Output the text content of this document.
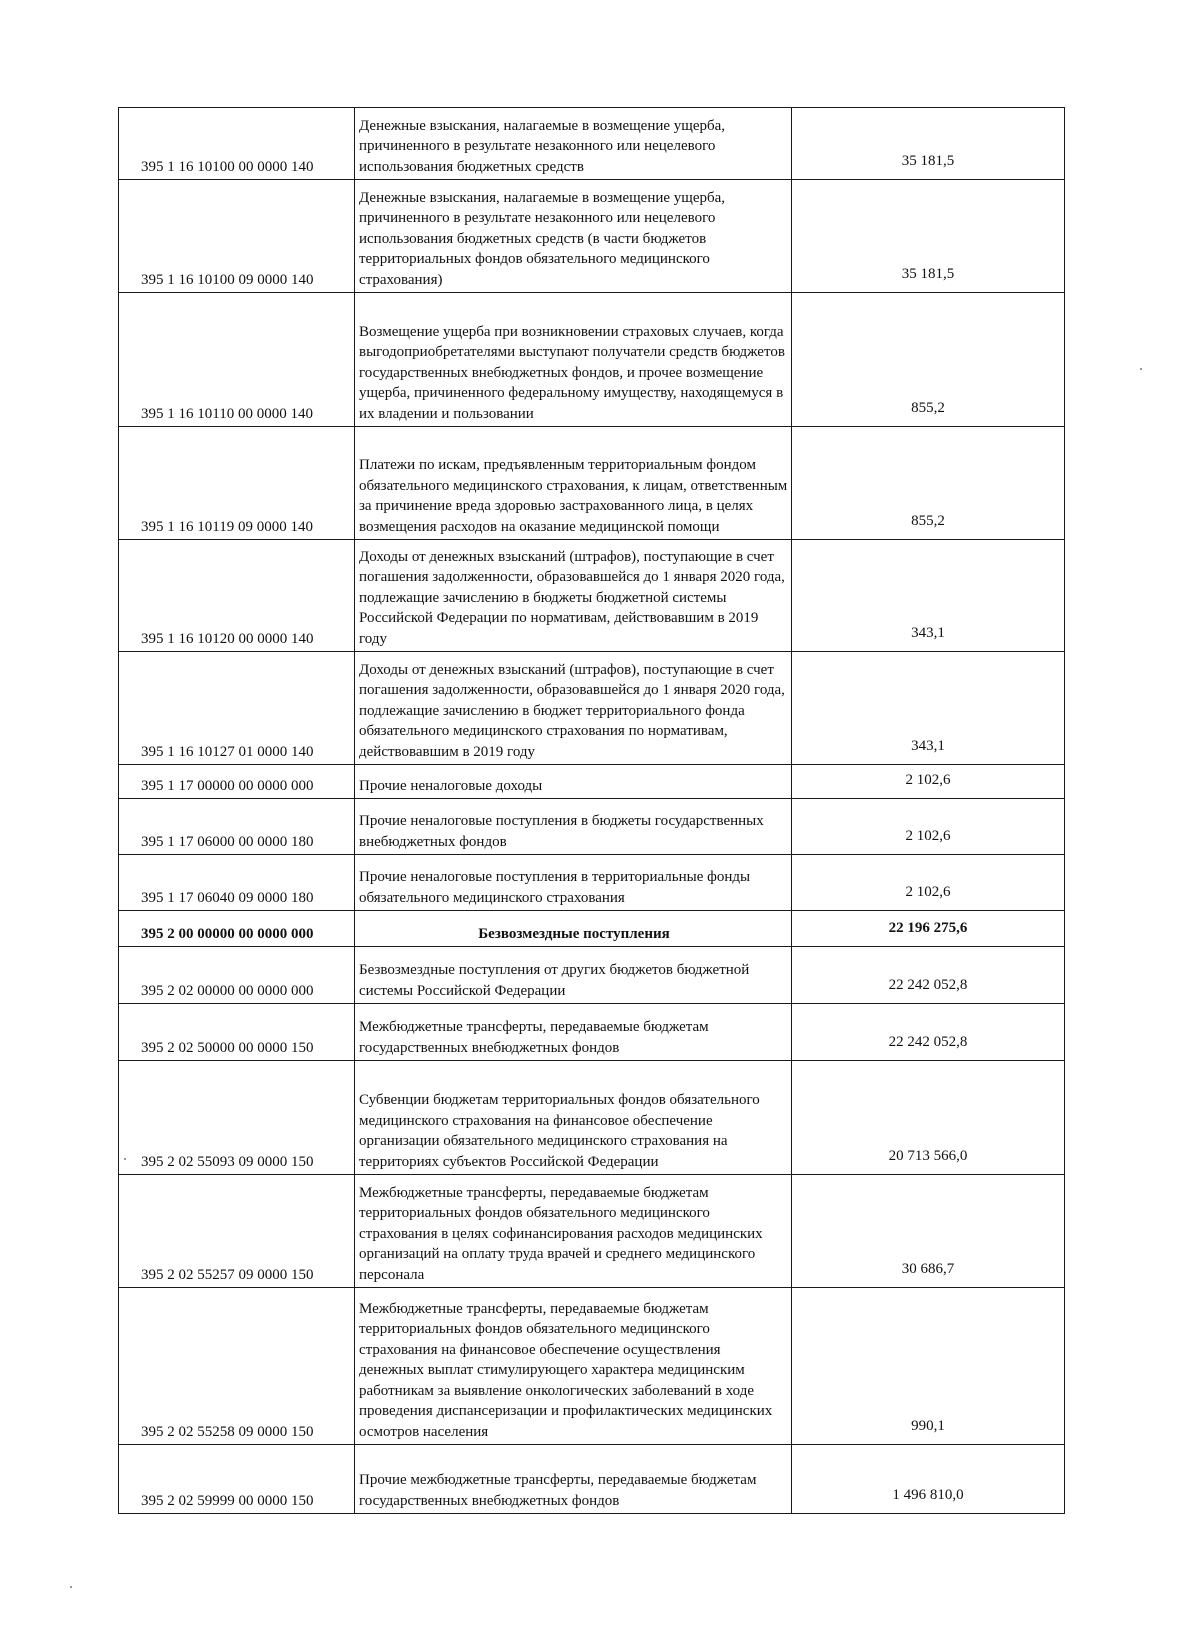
395 1 16 10100 00 0000 140	Денежные взыскания, налагаемые в возмещение ущерба, причиненного в результате незаконного или нецелевого использования бюджетных средств	35 181,5
395 1 16 10100 09 0000 140	Денежные взыскания, налагаемые в возмещение ущерба, причиненного в результате незаконного или нецелевого использования бюджетных средств (в части бюджетов территориальных фондов обязательного медицинского страхования)	35 181,5
395 1 16 10110 00 0000 140	Возмещение ущерба при возникновении страховых случаев, когда выгодоприобретателями выступают получатели средств бюджетов государственных внебюджетных фондов, и прочее возмещение ущерба, причиненного федеральному имуществу, находящемуся в их владении и пользовании	855,2
395 1 16 10119 09 0000 140	Платежи по искам, предъявленным территориальным фондом обязательного медицинского страхования, к лицам, ответственным за причинение вреда здоровью застрахованного лица, в целях возмещения расходов на оказание медицинской помощи	855,2
395 1 16 10120 00 0000 140	Доходы от денежных взысканий (штрафов), поступающие в счет погашения задолженности, образовавшейся до 1 января 2020 года, подлежащие зачислению в бюджеты бюджетной системы Российской Федерации по нормативам, действовавшим в 2019 году	343,1
395 1 16 10127 01 0000 140	Доходы от денежных взысканий (штрафов), поступающие в счет погашения задолженности, образовавшейся до 1 января 2020 года, подлежащие зачислению в бюджет территориального фонда обязательного медицинского страхования по нормативам, действовавшим в 2019 году	343,1
395 1 17 00000 00 0000 000	Прочие неналоговые доходы	2 102,6
395 1 17 06000 00 0000 180	Прочие неналоговые поступления в бюджеты государственных внебюджетных фондов	2 102,6
395 1 17 06040 09 0000 180	Прочие неналоговые поступления в территориальные фонды обязательного медицинского страхования	2 102,6
395 2 00 00000 00 0000 000	Безвозмездные поступления	22 196 275,6
395 2 02 00000 00 0000 000	Безвозмездные поступления от других бюджетов бюджетной системы Российской Федерации	22 242 052,8
395 2 02 50000 00 0000 150	Межбюджетные трансферты, передаваемые бюджетам государственных внебюджетных фондов	22 242 052,8
395 2 02 55093 09 0000 150	Субвенции бюджетам территориальных фондов обязательного медицинского страхования на финансовое обеспечение организации обязательного медицинского страхования на территориях субъектов Российской Федерации	20 713 566,0
395 2 02 55257 09 0000 150	Межбюджетные трансферты, передаваемые бюджетам территориальных фондов обязательного медицинского страхования в целях софинансирования расходов медицинских организаций на оплату труда врачей и среднего медицинского персонала	30 686,7
395 2 02 55258 09 0000 150	Межбюджетные трансферты, передаваемые бюджетам территориальных фондов обязательного медицинского страхования на финансовое обеспечение осуществления денежных выплат стимулирующего характера медицинским работникам за выявление онкологических заболеваний в ходе проведения диспансеризации и профилактических медицинских осмотров населения	990,1
395 2 02 59999 00 0000 150	Прочие межбюджетные трансферты, передаваемые бюджетам государственных внебюджетных фондов	1 496 810,0
